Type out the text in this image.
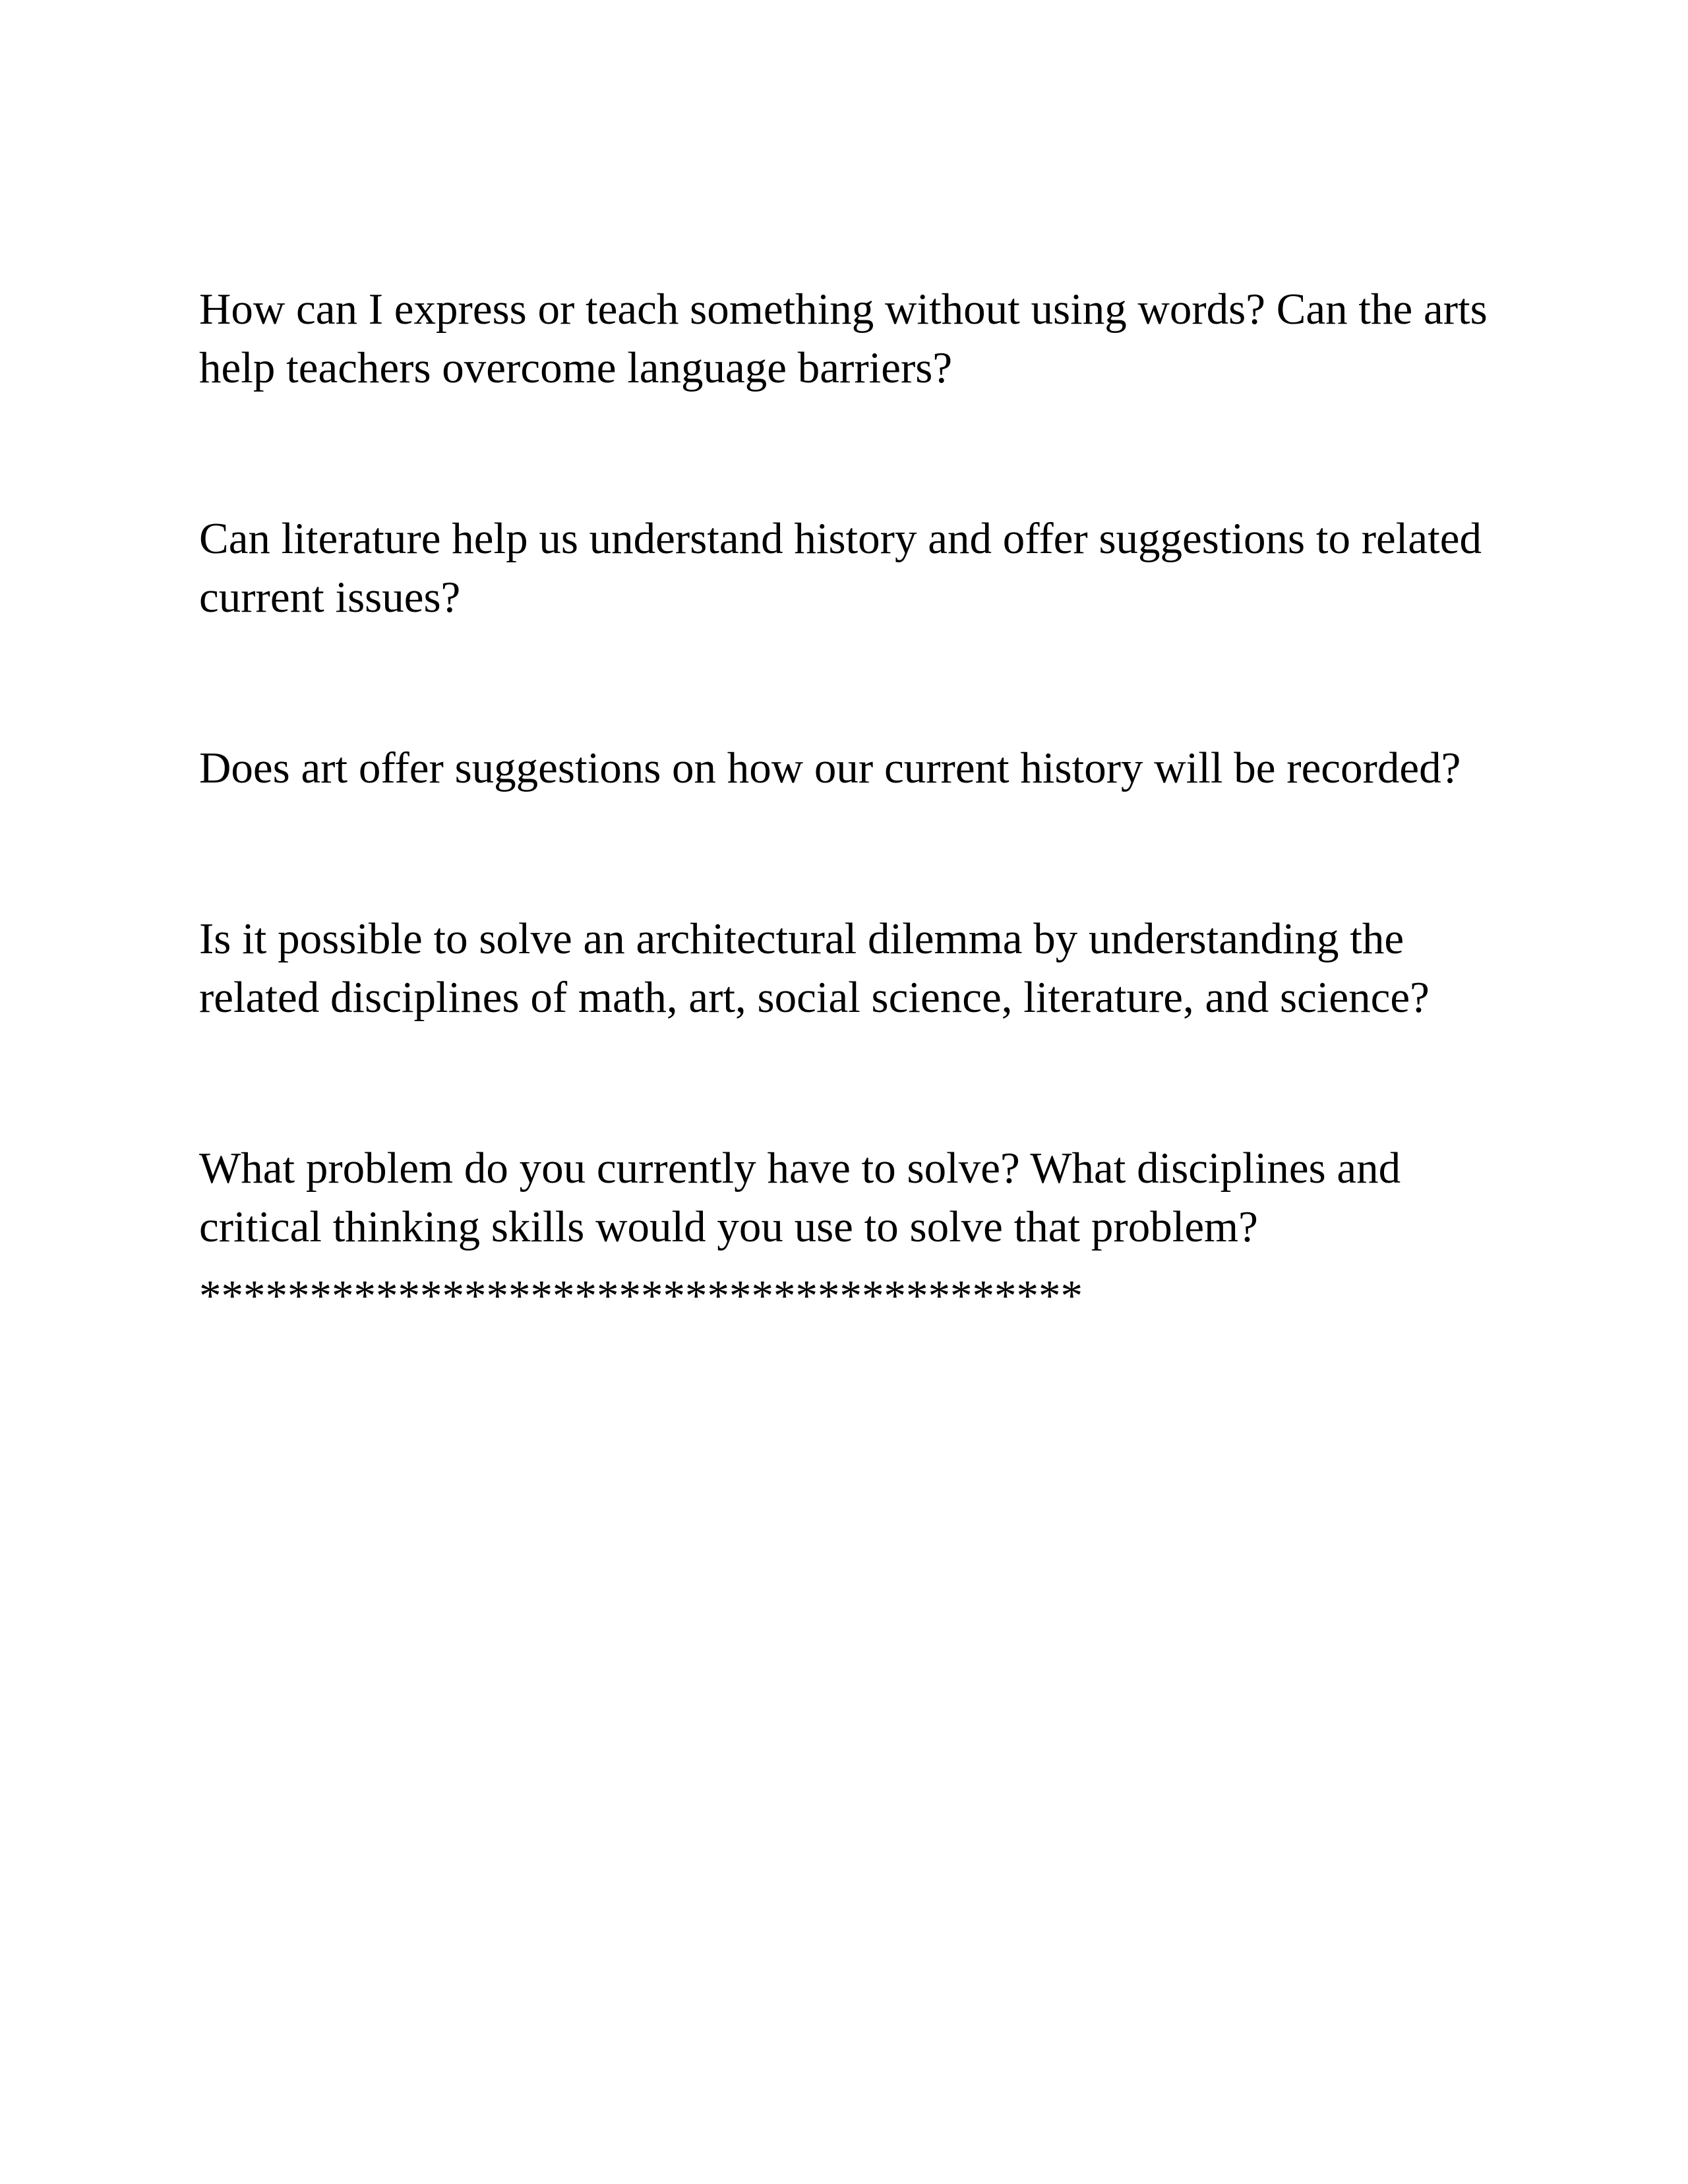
How can I express or teach something without using words? Can the arts
help teachers overcome language barriers?

Can literature help us understand history and offer suggestions to related
current issues?

Does art offer suggestions on how our current history will be recorded?

Is it possible to solve an architectural dilemma by understanding the
related disciplines of math, art, social science, literature, and science?

What problem do you currently have to solve? What disciplines and
critical thinking skills would you use to solve that problem?

****************************************
